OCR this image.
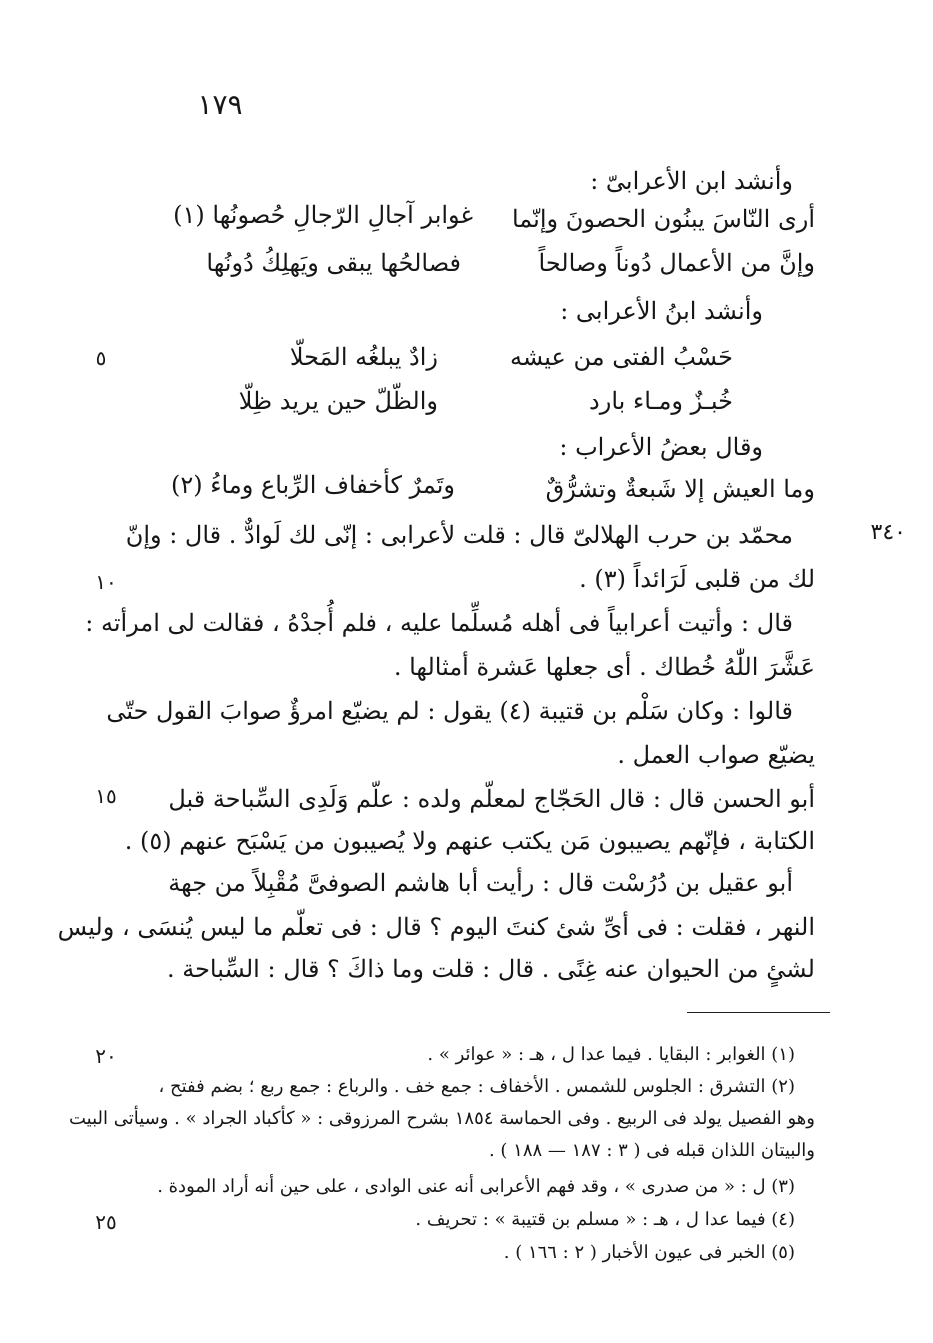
١٧٩
وأنشد ابن الأعرابىّ :
أرى النّاسَ يبنُون الحصونَ وإنّما
غوابر آجالِ الرّجالِ حُصونُها (١)
وإنَّ من الأعمال دُوناً وصالحاً
فصالحُها يبقى ويَهلِكُ دُونُها
وأنشد ابنُ الأعرابى :
حَسْبُ الفتى من عيشه
زادٌ يبلغُه المَحلّا
خُبـزٌ ومـاء بارد
والظّلّ حين يريد ظِلّا
وقال بعضُ الأعراب :
وما العيش إلا شَبعةٌ وتشرُّقٌ
وتَمرٌ كأخفاف الرِّباع وماءُ (٢)
محمّد بن حرب الهلالىّ قال : قلت لأعرابى : إنّى لك لَوادٌّ . قال : وإنّ
لك من قلبى لَرَائداً (٣) .
قال : وأتيت أعرابياً فى أهله مُسلِّما عليه ، فلم أُجدْهُ ، فقالت لى امرأته :
عَشَّرَ اللّٰهُ خُطاك . أى جعلها عَشرة أمثالها .
قالوا : وكان سَلْم بن قتيبة (٤) يقول : لم يضيّع امرؤٌ صوابَ القول حتّى
يضيّع صواب العمل .
أبو الحسن قال : قال الحَجّاج لمعلّم ولده : علّم وَلَدِى السِّباحة قبل
الكتابة ، فإنّهم يصيبون مَن يكتب عنهم ولا يُصيبون من يَسْبَح عنهم (٥) .
أبو عقيل بن دُرُسْت قال : رأيت أبا هاشم الصوفىَّ مُقْبِلاً من جهة
النهر ، فقلت : فى أىِّ شئ كنتَ اليوم ؟ قال : فى تعلّم ما ليس يُنسَى ، وليس
لشئٍ من الحيوان عنه غِنًى . قال : قلت وما ذاكَ ؟ قال : السِّباحة .
٥
١٠
١٥
٢٠
٢٥
٣٤٠
(١) الغوابر : البقايا . فيما عدا ل ، هـ : « عوائر » .
(٢) التشرق : الجلوس للشمس . الأخفاف : جمع خف . والرباع : جمع ربع ؛ بضم ففتح ،
وهو الفصيل يولد فى الربيع . وفى الحماسة ١٨٥٤ بشرح المرزوقى : « كأكباد الجراد » . وسيأتى البيت
والبيتان اللذان قبله فى ( ٣ : ١٨٧ — ١٨٨ ) .
(٣) ل : « من صدرى » ، وقد فهم الأعرابى أنه عنى الوادى ، على حين أنه أراد المودة .
(٤) فيما عدا ل ، هـ : « مسلم بن قتيبة » : تحريف .
(٥) الخبر فى عيون الأخبار ( ٢ : ١٦٦ ) .
